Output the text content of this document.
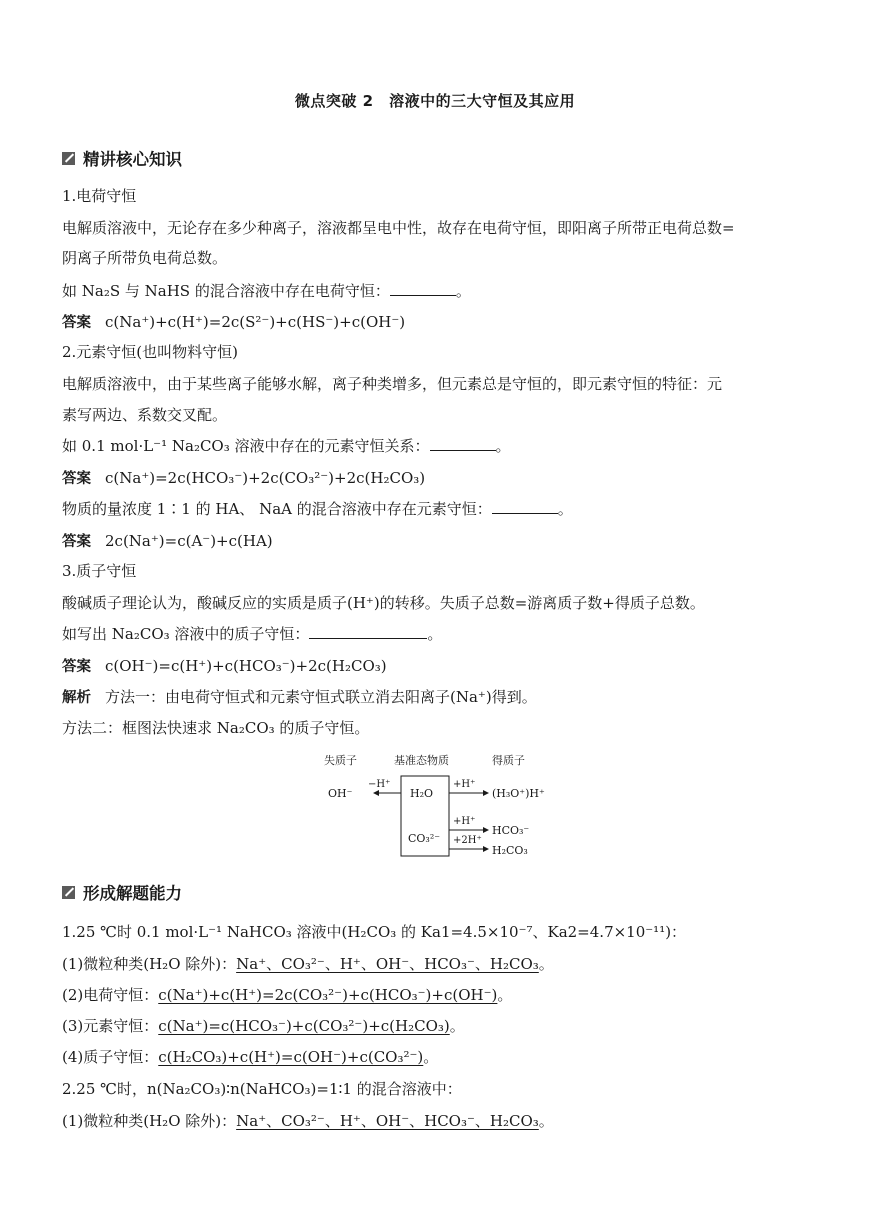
微点突破 2　溶液中的三大守恒及其应用
精讲核心知识
1.电荷守恒
电解质溶液中，无论存在多少种离子，溶液都呈电中性，故存在电荷守恒，即阳离子所带正电荷总数=
阴离子所带负电荷总数。
如 Na₂S 与 NaHS 的混合溶液中存在电荷守恒：	。
答案 c(Na⁺)+c(H⁺)=2c(S²⁻)+c(HS⁻)+c(OH⁻)
2.元素守恒(也叫物料守恒)
电解质溶液中，由于某些离子能够水解，离子种类增多，但元素总是守恒的，即元素守恒的特征：元
素写两边、系数交叉配。
如 0.1 mol·L⁻¹ Na₂CO₃ 溶液中存在的元素守恒关系：	。
答案 c(Na⁺)=2c(HCO₃⁻)+2c(CO₃²⁻)+2c(H₂CO₃)
物质的量浓度 1∶1 的 HA、 NaA 的混合溶液中存在元素守恒：	。
答案 2c(Na⁺)=c(A⁻)+c(HA)
3.质子守恒
酸碱质子理论认为，酸碱反应的实质是质子(H⁺)的转移。失质子总数=游离质子数+得质子总数。
如写出 Na₂CO₃ 溶液中的质子守恒：	。
答案 c(OH⁻)=c(H⁺)+c(HCO₃⁻)+2c(H₂CO₃)
解析 方法一：由电荷守恒式和元素守恒式联立消去阳离子(Na⁺)得到。
方法二：框图法快速求 Na₂CO₃ 的质子守恒。
失质子	基准态物质	得质子
H₂O
CO₃²⁻
−H⁺
OH⁻
+H⁺
(H₃O⁺)H⁺
+H⁺
HCO₃⁻
+2H⁺
H₂CO₃
形成解题能力
1.25 ℃时 0.1 mol·L⁻¹ NaHCO₃ 溶液中(H₂CO₃ 的 Ka1=4.5×10⁻⁷、Ka2=4.7×10⁻¹¹)：
(1)微粒种类(H₂O 除外)：Na⁺、CO₃²⁻、H⁺、OH⁻、HCO₃⁻、H₂CO₃。
(2)电荷守恒：c(Na⁺)+c(H⁺)=2c(CO₃²⁻)+c(HCO₃⁻)+c(OH⁻)。
(3)元素守恒：c(Na⁺)=c(HCO₃⁻)+c(CO₃²⁻)+c(H₂CO₃)。
(4)质子守恒：c(H₂CO₃)+c(H⁺)=c(OH⁻)+c(CO₃²⁻)。
2.25 ℃时，n(Na₂CO₃)∶n(NaHCO₃)=1∶1 的混合溶液中：
(1)微粒种类(H₂O 除外)：Na⁺、CO₃²⁻、H⁺、OH⁻、HCO₃⁻、H₂CO₃。
